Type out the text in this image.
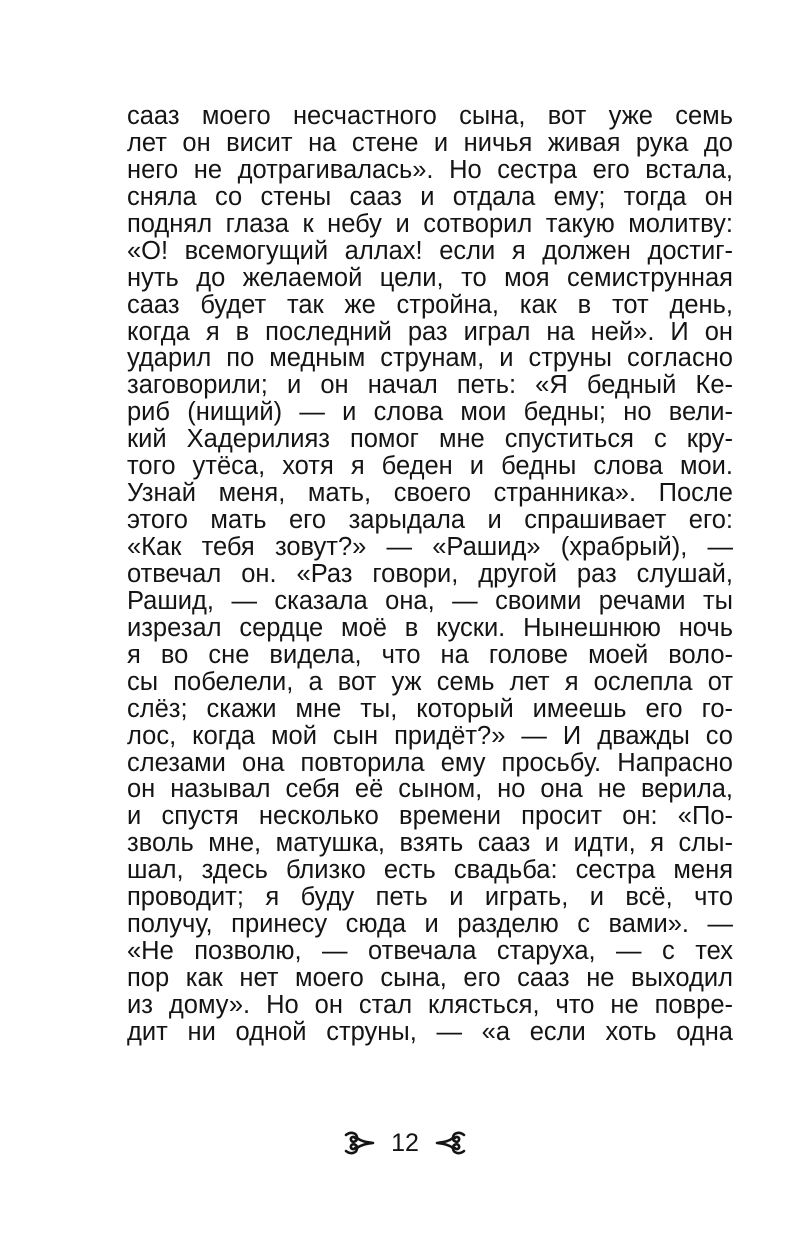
сааз моего несчастного сына, вот уже семь
лет он висит на стене и ничья живая рука до
него не дотрагивалась». Но сестра его встала,
сняла со стены сааз и отдала ему; тогда он
поднял глаза к небу и сотворил такую молитву:
«О! всемогущий аллах! если я должен достиг-
нуть до желаемой цели, то моя семиструнная
сааз будет так же стройна, как в тот день,
когда я в последний раз играл на ней». И он
ударил по медным струнам, и струны согласно
заговорили; и он начал петь: «Я бедный Ке-
риб (нищий) — и слова мои бедны; но вели-
кий Хадерилияз помог мне спуститься с кру-
того утёса, хотя я беден и бедны слова мои.
Узнай меня, мать, своего странника». После
этого мать его зарыдала и спрашивает его:
«Как тебя зовут?» — «Рашид» (храбрый), —
отвечал он. «Раз говори, другой раз слушай,
Рашид, — сказала она, — своими речами ты
изрезал сердце моё в куски. Нынешнюю ночь
я во сне видела, что на голове моей воло-
сы побелели, а вот уж семь лет я ослепла от
слёз; скажи мне ты, который имеешь его го-
лос, когда мой сын придёт?» — И дважды со
слезами она повторила ему просьбу. Напрасно
он называл себя её сыном, но она не верила,
и спустя несколько времени просит он: «По-
зволь мне, матушка, взять сааз и идти, я слы-
шал, здесь близко есть свадьба: сестра меня
проводит; я буду петь и играть, и всё, что
получу, принесу сюда и разделю с вами». —
«Не позволю, — отвечала старуха, — с тех
пор как нет моего сына, его сааз не выходил
из дому». Но он стал клясться, что не повре-
дит ни одной струны, — «а если хоть одна
12
